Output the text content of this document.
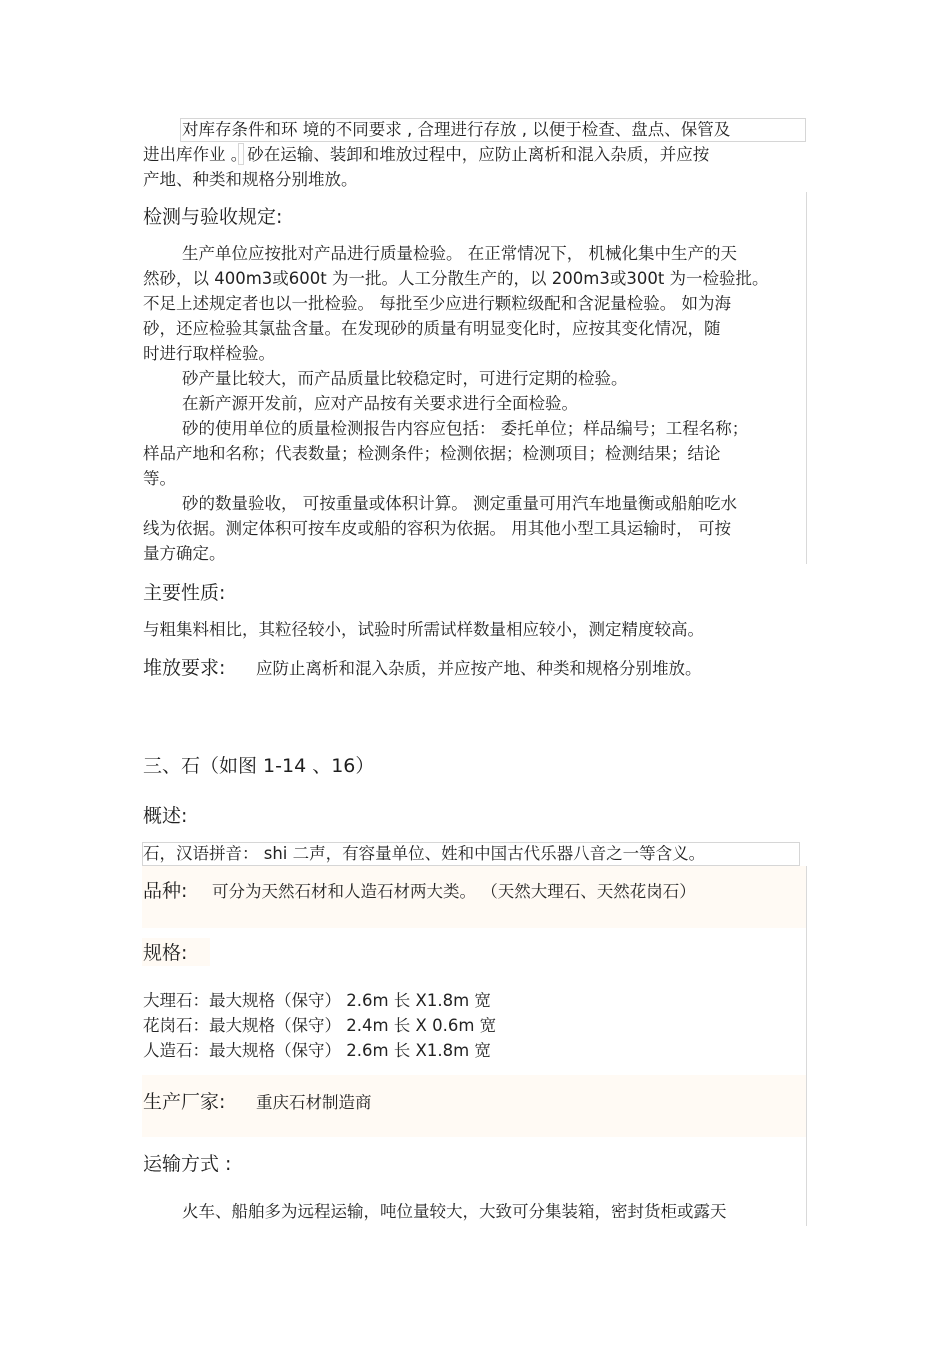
对库存条件和环 境的不同要求 , 合理进行存放 , 以便于检查、盘点、保管及
进出库作业 。砂在运输、装卸和堆放过程中，应防止离析和混入杂质，并应按
产地、种类和规格分别堆放。
检测与验收规定:
生产单位应按批对产品进行质量检验。 在正常情况下， 机械化集中生产的天
然砂，以 400m3或600t 为一批。人工分散生产的，以 200m3或300t 为一检验批。
不足上述规定者也以一批检验。 每批至少应进行颗粒级配和含泥量检验。 如为海
砂，还应检验其氯盐含量。在发现砂的质量有明显变化时，应按其变化情况，随
时进行取样检验。
砂产量比较大，而产品质量比较稳定时，可进行定期的检验。
在新产源开发前，应对产品按有关要求进行全面检验。
砂的使用单位的质量检测报告内容应包括： 委托单位；样品编号；工程名称；
样品产地和名称；代表数量；检测条件；检测依据；检测项目；检测结果；结论
等。
砂的数量验收， 可按重量或体积计算。 测定重量可用汽车地量衡或船舶吃水
线为依据。测定体积可按车皮或船的容积为依据。 用其他小型工具运输时， 可按
量方确定。
主要性质:
与粗集料相比，其粒径较小，试验时所需试样数量相应较小，测定精度较高。
堆放要求: 应防止离析和混入杂质，并应按产地、种类和规格分别堆放。
三、石（如图 1-14 、16）
概述:
石，汉语拼音： shi 二声，有容量单位、姓和中国古代乐器八音之一等含义。
品种: 可分为天然石材和人造石材两大类。 （天然大理石、天然花岗石）
规格:
大理石：最大规格（保守） 2.6m 长 X1.8m 宽
花岗石：最大规格（保守） 2.4m 长 X 0.6m 宽
人造石：最大规格（保守） 2.6m 长 X1.8m 宽
生产厂家: 重庆石材制造商
运输方式 :
火车、船舶多为远程运输，吨位量较大，大致可分集装箱，密封货柜或露天
